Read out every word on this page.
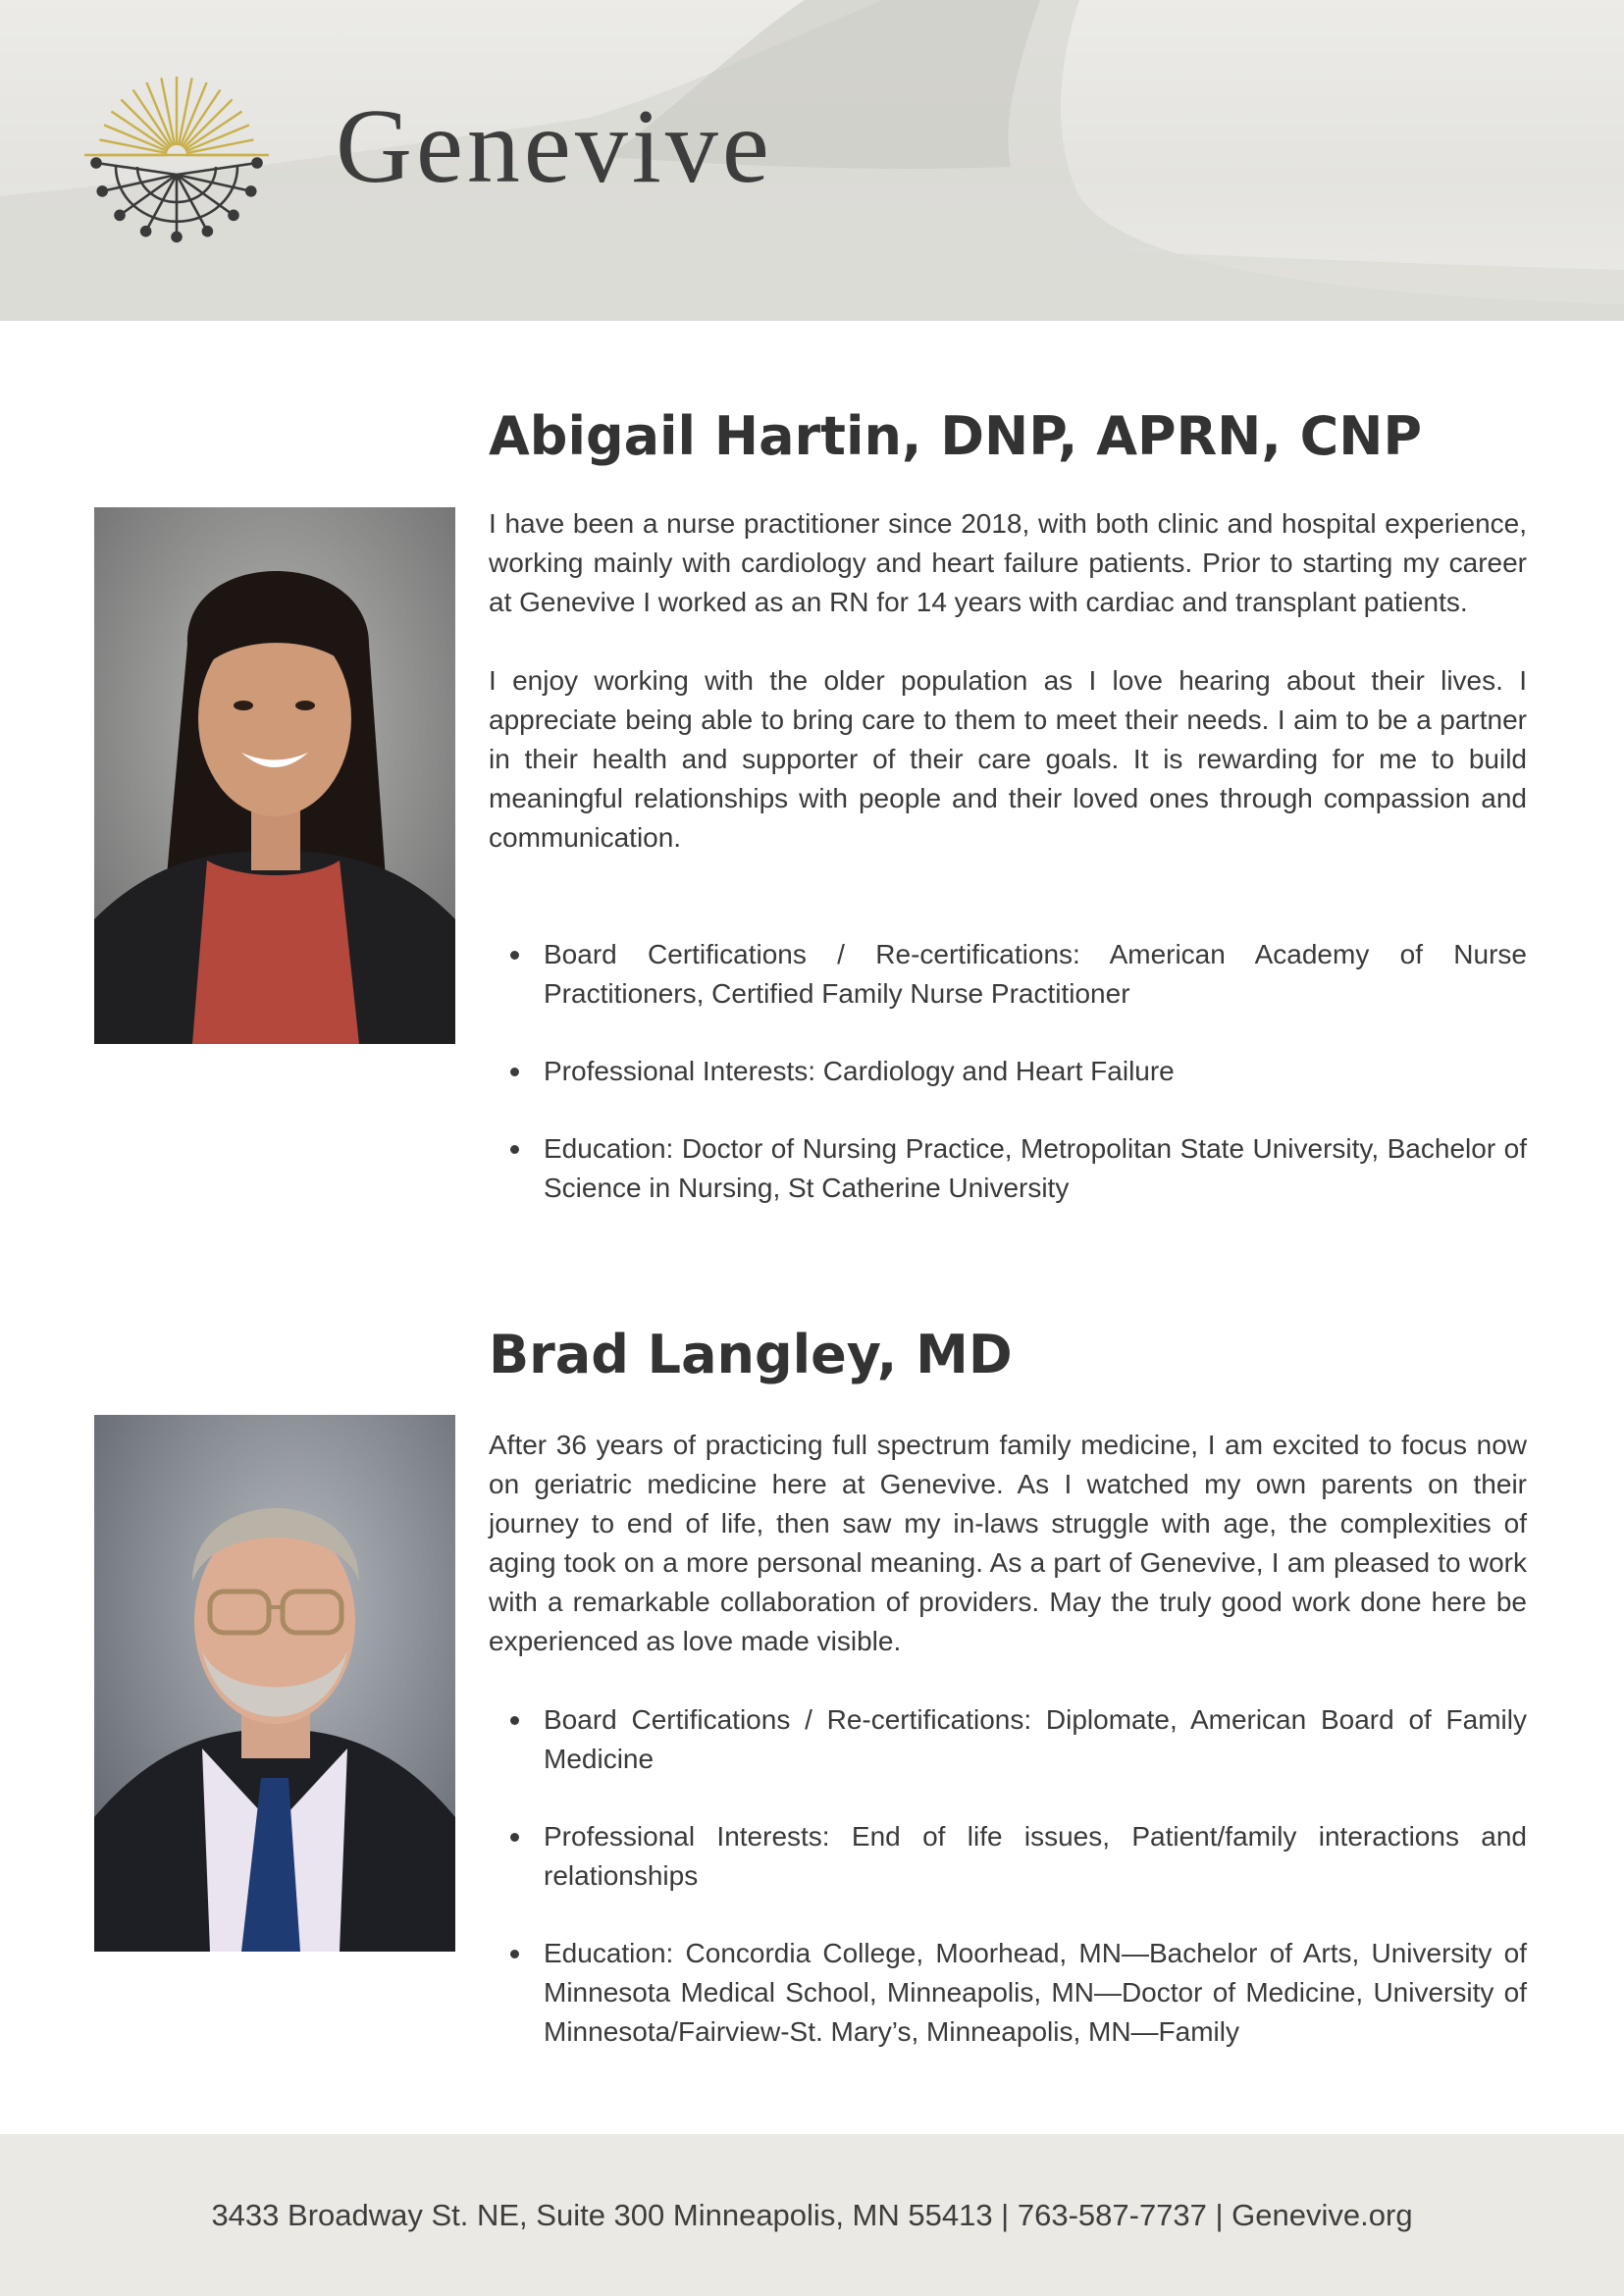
Genevive
Abigail Hartin, DNP, APRN, CNP

I have been a nurse practitioner since 2018, with both clinic and hospital experience, working mainly with cardiology and heart failure patients. Prior to starting my career at Genevive I worked as an RN for 14 years with cardiac and transplant patients.

I enjoy working with the older population as I love hearing about their lives. I appreciate being able to bring care to them to meet their needs. I aim to be a partner in their health and supporter of their care goals. It is rewarding for me to build meaningful relationships with people and their loved ones through compassion and communication.

Board Certifications / Re-certifications: American Academy of Nurse Practitioners, Certified Family Nurse Practitioner
Professional Interests: Cardiology and Heart Failure
Education: Doctor of Nursing Practice, Metropolitan State University, Bachelor of Science in Nursing, St Catherine University
Brad Langley, MD

After 36 years of practicing full spectrum family medicine, I am excited to focus now on geriatric medicine here at Genevive. As I watched my own parents on their journey to end of life, then saw my in-laws struggle with age, the complexities of aging took on a more personal meaning. As a part of Genevive, I am pleased to work with a remarkable collaboration of providers. May the truly good work done here be experienced as love made visible.

Board Certifications / Re-certifications: Diplomate, American Board of Family Medicine
Professional Interests: End of life issues, Patient/family interactions and relationships
Education: Concordia College, Moorhead, MN—Bachelor of Arts, University of Minnesota Medical School, Minneapolis, MN—Doctor of Medicine, University of Minnesota/Fairview-St. Mary’s, Minneapolis, MN—Family
3433 Broadway St. NE, Suite 300 Minneapolis, MN 55413 | 763-587-7737 | Genevive.org
